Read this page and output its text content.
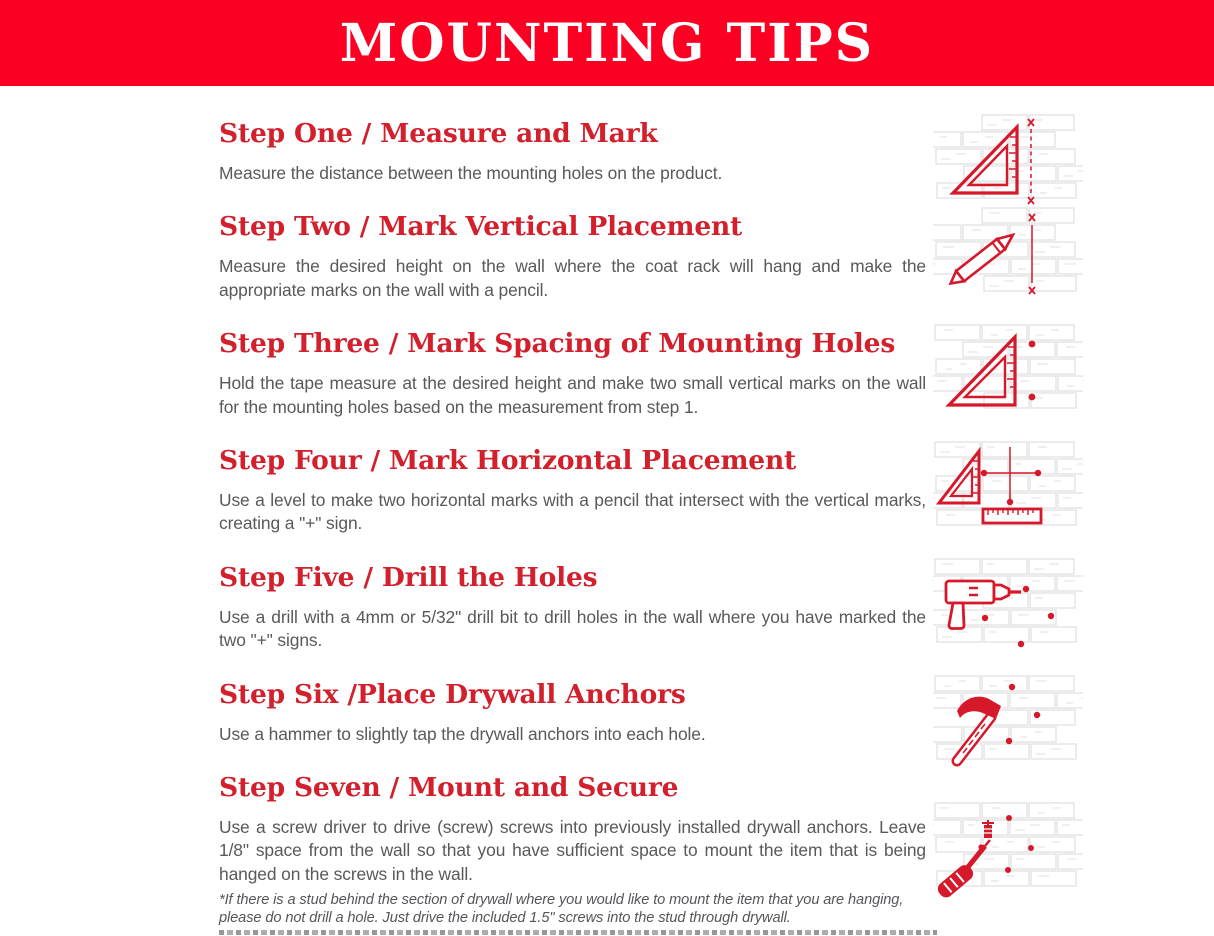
MOUNTING TIPS
Step One / Measure and Mark

Measure the distance between the mounting holes on the product.

Step Two / Mark Vertical Placement

Measure the desired height on the wall where the coat rack will hang and make the appropriate marks on the wall with a pencil.

Step Three / Mark Spacing of Mounting Holes

Hold the tape measure at the desired height and make two small vertical marks on the wall for the mounting holes based on the measurement from step 1.

Step Four / Mark Horizontal Placement

Use a level to make two horizontal marks with a pencil that intersect with the vertical marks, creating a "+" sign.

Step Five / Drill the Holes

Use a drill with a 4mm or 5/32" drill bit to drill holes in the wall where you have marked the two "+" signs.

Step Six /Place Drywall Anchors

Use a hammer to slightly tap the drywall anchors into each hole.

Step Seven / Mount and Secure

Use a screw driver to drive (screw) screws into previously installed drywall anchors. Leave 1/8" space from the wall so that you have sufficient space to mount the item that is being hanged on the screws in the wall.

*If there is a stud behind the section of drywall where you would like to mount the item that you are hanging, please do not drill a hole. Just drive the included 1.5" screws into the stud through drywall.
